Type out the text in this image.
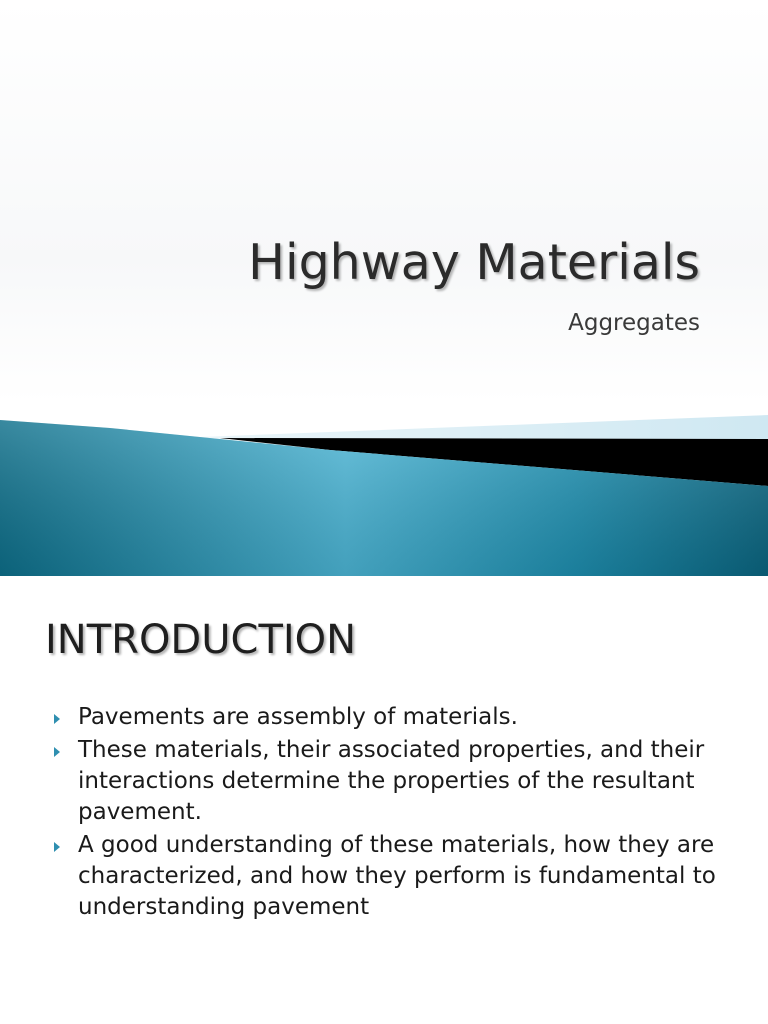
Highway Materials
Aggregates
INTRODUCTION
Pavements are assembly of materials.
These materials, their associated properties, and their interactions determine the properties of the resultant pavement.
A good understanding of these materials, how they are characterized, and how they perform is fundamental to understanding pavement
